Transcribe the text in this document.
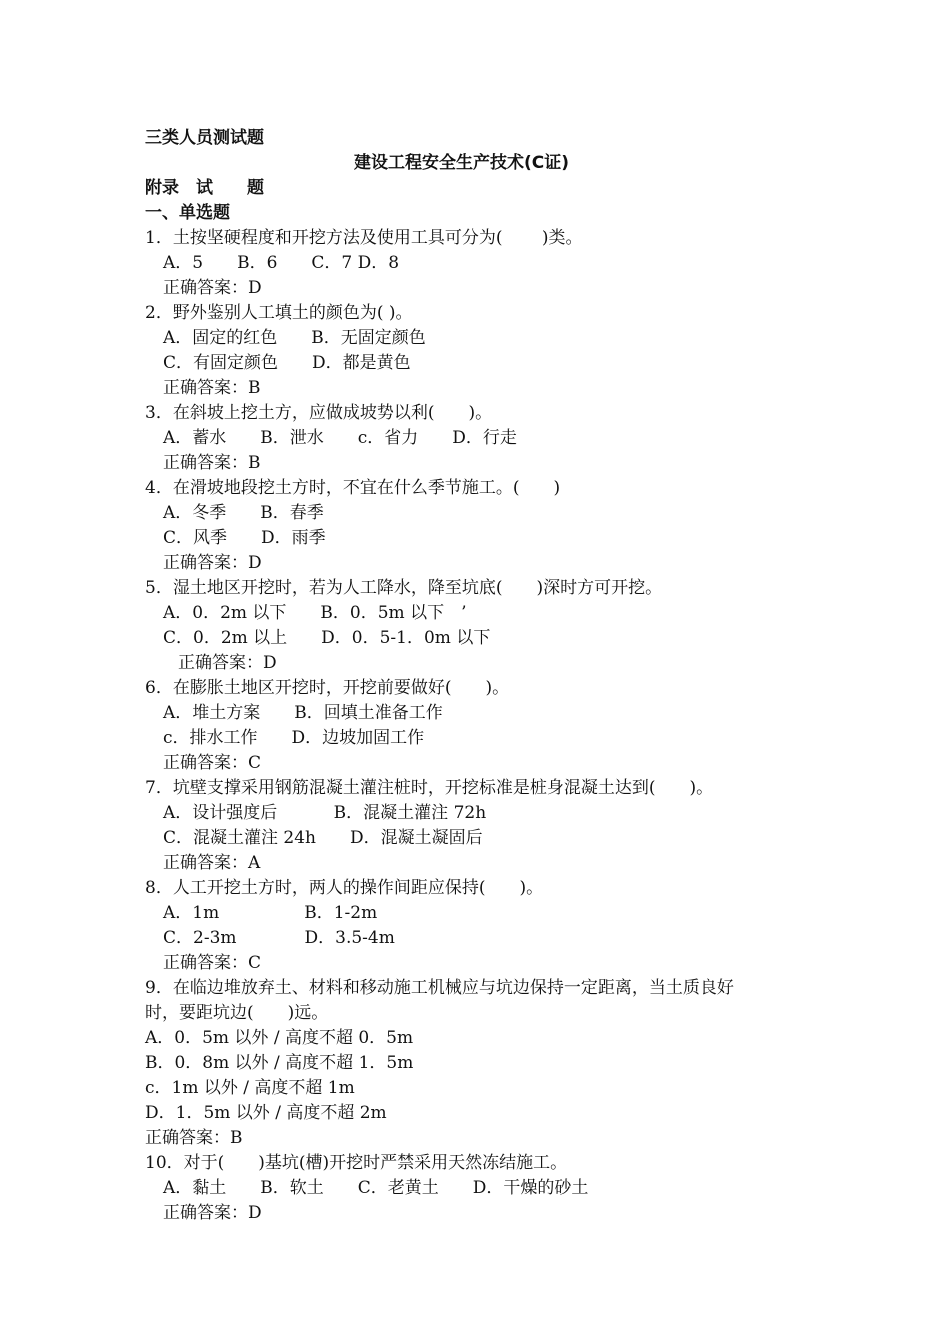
三类人员测试题
建设工程安全生产技术(C证)
附录　试　　题
一、单选题
1．土按坚硬程度和开挖方法及使用工具可分为(　　 )类。
A．5　　B．6　　C．7 D．8
正确答案：D
2．野外鉴别人工填土的颜色为( )。
A．固定的红色　　B．无固定颜色
C．有固定颜色　　D．都是黄色
正确答案：B
3．在斜坡上挖土方，应做成坡势以利(　　)。
A．蓄水　　B．泄水　　c．省力　　D．行走
正确答案：B
4．在滑坡地段挖土方时，不宜在什么季节施工。(　　)
A．冬季　　B．春季
C．风季　　D．雨季
正确答案：D
5．湿土地区开挖时，若为人工降水，降至坑底(　　)深时方可开挖。
A．0．2m 以下　　B．0．5m 以下　’
C．0．2m 以上　　D．0．5-1．0m 以下
正确答案：D
6．在膨胀土地区开挖时，开挖前要做好(　　)。
A．堆土方案　　B．回填土准备工作
c．排水工作　　D．边坡加固工作
正确答案：C
7．坑壁支撑采用钢筋混凝土灌注桩时，开挖标准是桩身混凝土达到(　　)。
A．设计强度后　　　 B．混凝土灌注 72h
C．混凝土灌注 24h　　D．混凝土凝固后
正确答案：A
8．人工开挖土方时，两人的操作间距应保持(　　)。
A．1m　　　　　B．1-2m
C．2-3m　　　　D．3.5-4m
正确答案：C
9．在临边堆放弃土、材料和移动施工机械应与坑边保持一定距离，当土质良好
时，要距坑边(　　)远。
A．0．5m 以外 / 高度不超 0．5m
B．0．8m 以外 / 高度不超 1．5m
c．1m 以外 / 高度不超 1m
D．1．5m 以外 / 高度不超 2m
正确答案：B
10．对于(　　)基坑(槽)开挖时严禁采用天然冻结施工。
A．黏土　　B．软土　　C．老黄土　　D．干燥的砂土
正确答案：D
